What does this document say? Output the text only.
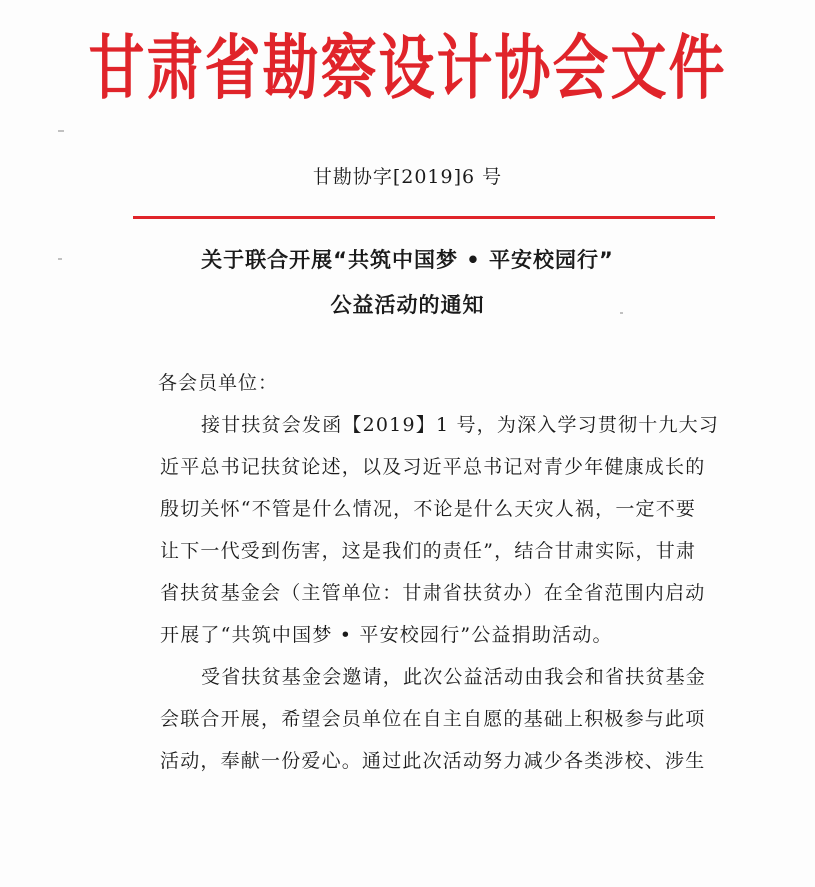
甘肃省勘察设计协会文件
甘勘协字[2019]6 号
关于联合开展“共筑中国梦 • 平安校园行”
公益活动的通知
各会员单位：
接甘扶贫会发函【2019】1 号，为深入学习贯彻十九大习
近平总书记扶贫论述，以及习近平总书记对青少年健康成长的
殷切关怀“不管是什么情况，不论是什么天灾人祸，一定不要
让下一代受到伤害，这是我们的责任”，结合甘肃实际，甘肃
省扶贫基金会（主管单位：甘肃省扶贫办）在全省范围内启动
开展了“共筑中国梦 • 平安校园行”公益捐助活动。
受省扶贫基金会邀请，此次公益活动由我会和省扶贫基金
会联合开展，希望会员单位在自主自愿的基础上积极参与此项
活动，奉献一份爱心。通过此次活动努力减少各类涉校、涉生
